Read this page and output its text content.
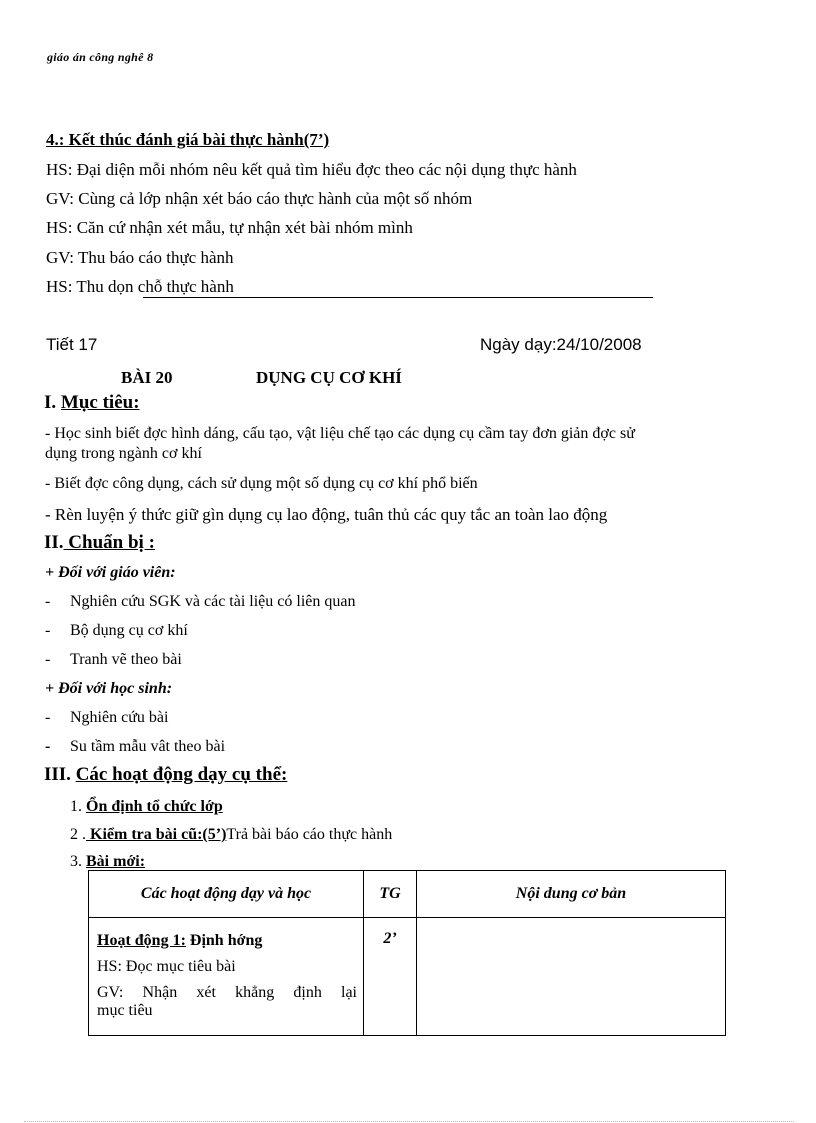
giáo án công nghê 8
4.: Kết thúc đánh giá bài thực hành(7’)
HS: Đại diện mỗi nhóm nêu kết quả tìm hiểu đợc theo các nội dụng thực hành
GV: Cùng cả lớp nhận xét báo cáo thực hành của một số nhóm
HS: Căn cứ nhận xét mẫu, tự nhận xét bài nhóm mình
GV: Thu báo cáo thực hành
HS: Thu dọn chỗ thực hành
Tiết 17	Ngày dạy:24/10/2008
BÀI 20	DỤNG CỤ CƠ KHÍ
I. Mục tiêu:
- Học sinh biết đợc hình dáng, cấu tạo, vật liệu chế tạo các dụng cụ cầm tay đơn giản đợc sử
dụng trong ngành cơ khí
- Biết đợc công dụng, cách sử dụng một số dụng cụ cơ khí phổ biến
- Rèn luyện ý thức giữ gìn dụng cụ lao động, tuân thủ các quy tắc an toàn lao động
II. Chuẩn bị :
+ Đối với giáo viên:
- Nghiên cứu SGK và các tài liệu có liên quan
- Bộ dụng cụ cơ khí
- Tranh vẽ theo bài
+ Đối với học sinh:
- Nghiên cứu bài
- Su tầm mẫu vât theo bài
III. Các hoạt động dạy cụ thể:
1. Ổn định tổ chức lớp
2 . Kiểm tra bài cũ:(5’)Trả bài báo cáo thực hành
3. Bài mới:
Các hoạt động dạy và học	TG	Nội dung cơ bản

Hoạt động 1: Định hớng
HS: Đọc mục tiêu bài
GV: Nhận xét khẳng định lại
mục tiêu	2’	
